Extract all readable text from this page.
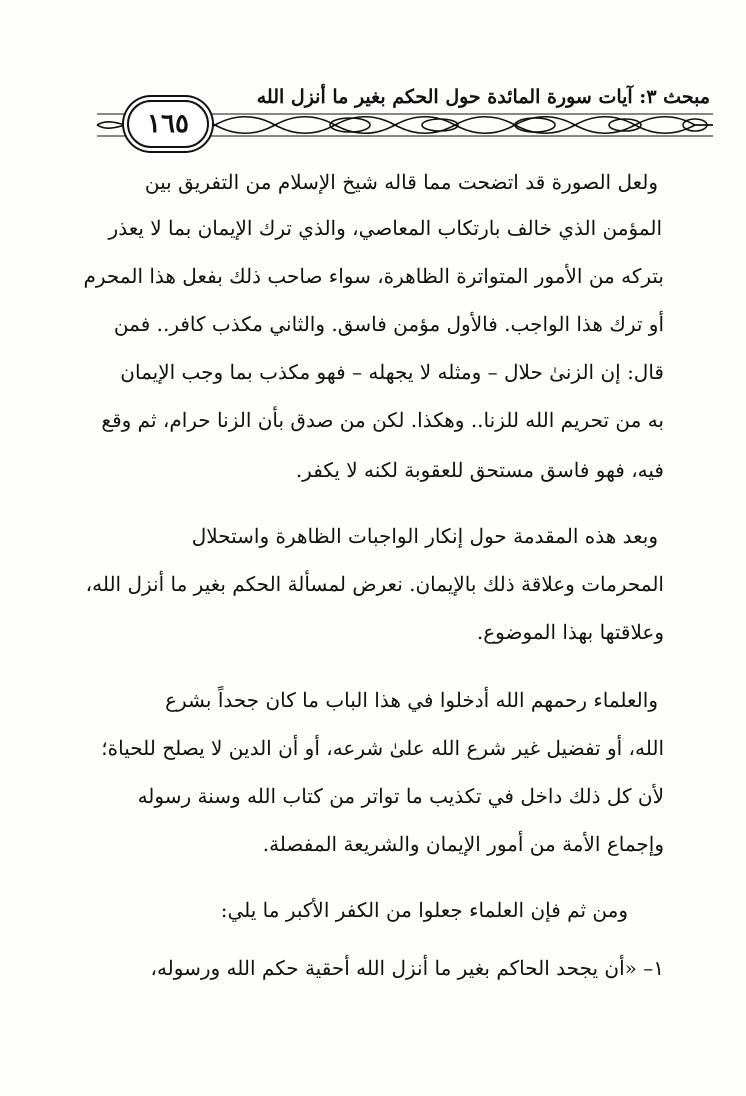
مبحث ٣: آيات سورة المائدة حول الحكم بغير ما أنزل الله
١٦٥
ولعل الصورة قد اتضحت مما قاله شيخ الإسلام من التفريق بين
المؤمن الذي خالف بارتكاب المعاصي، والذي ترك الإيمان بما لا يعذر
بتركه من الأمور المتواترة الظاهرة، سواء صاحب ذلك بفعل هذا المحرم
أو ترك هذا الواجب. فالأول مؤمن فاسق. والثاني مكذب كافر.. فمن
قال: إن الزنىٰ حلال – ومثله لا يجهله – فهو مكذب بما وجب الإيمان
به من تحريم الله للزنا.. وهكذا. لكن من صدق بأن الزنا حرام، ثم وقع
فيه، فهو فاسق مستحق للعقوبة لكنه لا يكفر.
وبعد هذه المقدمة حول إنكار الواجبات الظاهرة واستحلال
المحرمات وعلاقة ذلك بالإيمان. نعرض لمسألة الحكم بغير ما أنزل الله،
وعلاقتها بهذا الموضوع.
والعلماء رحمهم الله أدخلوا في هذا الباب ما كان جحداً بشرع
الله، أو تفضيل غير شرع الله علىٰ شرعه، أو أن الدين لا يصلح للحياة؛
لأن كل ذلك داخل في تكذيب ما تواتر من كتاب الله وسنة رسوله
وإجماع الأمة من أمور الإيمان والشريعة المفصلة.
ومن ثم فإن العلماء جعلوا من الكفر الأكبر ما يلي:
١– «أن يجحد الحاكم بغير ما أنزل الله أحقية حكم الله ورسوله،
